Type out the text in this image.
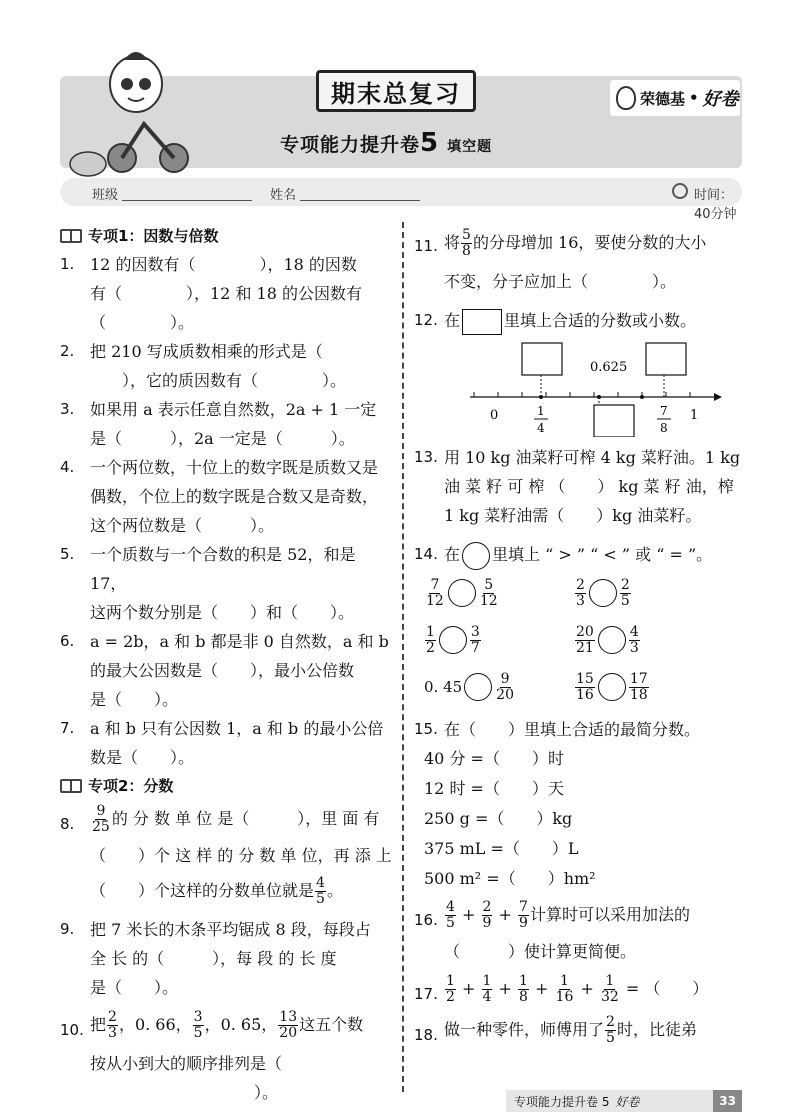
期末总复习	荣德基 • 好卷
专项能力提升卷5 填空题
班级	姓名	时间：40分钟
荣德基
专项1：因数与倍数
1. 12 的因数有（　　　　），18 的因数

有（　　　　），12 和 18 的公因数有

（　　　　）。

2. 把 210 写成质数相乘的形式是（

　　），它的质因数有（　　　　）。

3. 如果用 a 表示任意自然数，2a + 1 一定

是（　　　），2a 一定是（　　　）。

4. 一个两位数，十位上的数字既是质数又是

偶数，个位上的数字既是合数又是奇数，

这个两位数是（　　　）。

5. 一个质数与一个合数的积是 52，和是 17，

这两个数分别是（　　）和（　　）。

6. a = 2b，a 和 b 都是非 0 自然数，a 和 b

的最大公因数是（　　），最小公倍数

是（　　）。

7. a 和 b 只有公因数 1，a 和 b 的最小公倍

数是（　　）。

专项2：分数
8. $\frac{9}{25}$ 的 分 数 单 位 是（　　　），里 面 有

（　　）个 这 样 的 分 数 单 位，再 添 上

（　　）个这样的分数单位就是 $\frac{4}{5}$ 。

9. 把 7 米长的木条平均锯成 8 段，每段占

全 长 的（　　　），每 段 的 长 度

是（　　）。

10. 把 $\frac{2}{3}$ ，0. 66， $\frac{3}{5}$ ，0. 6̇5̇， $\frac{13}{20}$ 这五个数

按从小到大的顺序排列是（

　　　　）。

11. 将 $\frac{5}{8}$ 的分母增加 16，要使分数的大小

不变，分子应加上（　　　　）。

12. 在	里填上合适的分数或小数。

0.625
0	1
1
4
7
8
13. 用 10 kg 油菜籽可榨 4 kg 菜籽油。1 kg

油 菜 籽 可 榨 （　　） kg 菜 籽 油，榨

1 kg 菜籽油需（　　）kg 油菜籽。

14. 在 里填上 “ > ” “ < ” 或 “ = ”。

$\frac{7}{12} \frac{5}{12}$	$\frac{2}{3} \frac{2}{5}$
$\frac{1}{2} \frac{3}{7}$	$\frac{20}{21} \frac{4}{3}$
0. $45 \frac{9}{20}$	$\frac{15}{16} \frac{17}{18}$
15. 在（　　）里填上合适的最简分数。

40 分 =（　　）时

12 时 =（　　）天

250 g =（　　）kg

375 mL =（　　）L

500 m² =（　　）hm²

16. $\frac{4}{5} + \frac{2}{9} + \frac{7}{9}$ 计算时可以采用加法的

（　　　）使计算更简便。

17. $\frac{1}{2} + \frac{1}{4} + \frac{1}{8} + \frac{1}{16} + \frac{1}{32}$ = （　　）

18. 做一种零件，师傅用了 $\frac{2}{5}$ 时，比徒弟

专项能力提升卷 5 好卷	33
